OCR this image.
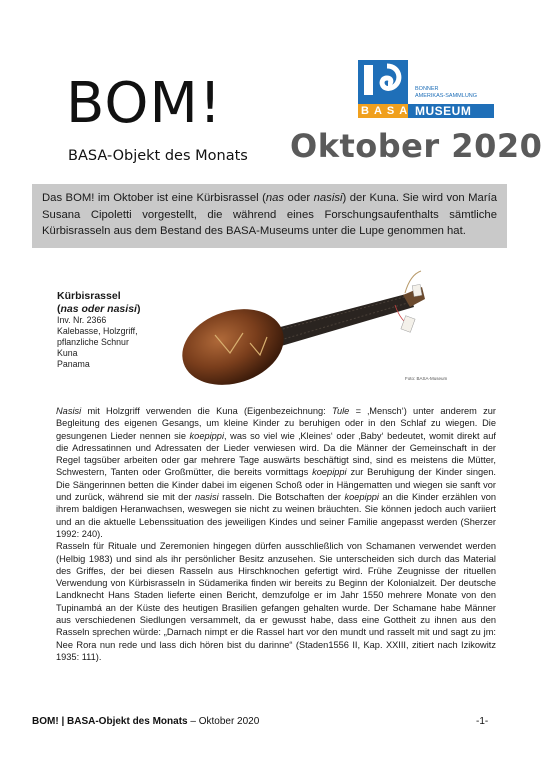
BOM!
BASA-Objekt des Monats
BONNER
AMERIKAS-SAMMLUNG
BASA MUSEUM
Oktober 2020
Das BOM! im Oktober ist eine Kürbisrassel (nas oder nasisi) der Kuna. Sie wird von María Susana Cipoletti vorgestellt, die während eines Forschungsaufenthalts sämtliche Kürbisrasseln aus dem Bestand des BASA-Museums unter die Lupe genommen hat.
Kürbisrassel
(nas oder nasisi)
Inv. Nr. 2366
Kalebasse, Holzgriff,
pflanzliche Schnur
Kuna
Panama
Foto: BASA-Museum

Nasisi mit Holzgriff verwenden die Kuna (Eigenbezeichnung: Tule = ‚Mensch‘) unter anderem zur Begleitung des eigenen Gesangs, um kleine Kinder zu beruhigen oder in den Schlaf zu wiegen. Die gesungenen Lieder nennen sie koepippi, was so viel wie ‚Kleines‘ oder ‚Baby‘ bedeutet, womit direkt auf die Adressatinnen und Adressaten der Lieder verwiesen wird. Da die Männer der Gemeinschaft in der Regel tagsüber arbeiten oder gar mehrere Tage auswärts beschäftigt sind, sind es meistens die Mütter, Schwestern, Tanten oder Großmütter, die bereits vormittags koepippi zur Beruhigung der Kinder singen. Die Sängerinnen betten die Kinder dabei im eigenen Schoß oder in Hängematten und wiegen sie sanft vor und zurück, während sie mit der nasisi rasseln. Die Botschaften der koepippi an die Kinder erzählen von ihrem baldigen Heranwachsen, weswegen sie nicht zu weinen bräuchten. Sie können jedoch auch variiert und an die aktuelle Lebenssituation des jeweiligen Kindes und seiner Familie angepasst werden (Sherzer 1992: 240).

Rasseln für Rituale und Zeremonien hingegen dürfen ausschließlich von Schamanen verwendet werden (Helbig 1983) und sind als ihr persönlicher Besitz anzusehen. Sie unterscheiden sich durch das Material des Griffes, der bei diesen Rasseln aus Hirschknochen gefertigt wird. Frühe Zeugnisse der rituellen Verwendung von Kürbisrasseln in Südamerika finden wir bereits zu Beginn der Kolonialzeit. Der deutsche Landknecht Hans Staden lieferte einen Bericht, demzufolge er im Jahr 1550 mehrere Monate von den Tupinambá an der Küste des heutigen Brasilien gefangen gehalten wurde. Der Schamane habe Männer aus verschiedenen Siedlungen versammelt, da er gewusst habe, dass eine Gottheit zu ihnen aus den Rasseln sprechen würde: „Darnach nimpt er die Rassel hart vor den mundt und rasselt mit und sagt zu jm: Nee Rora nun rede und lass dich hören bist du darinne“ (Staden1556 II, Kap. XXIII, zitiert nach Izikowitz 1935: 111).

BOM! | BASA-Objekt des Monats – Oktober 2020	-1-
